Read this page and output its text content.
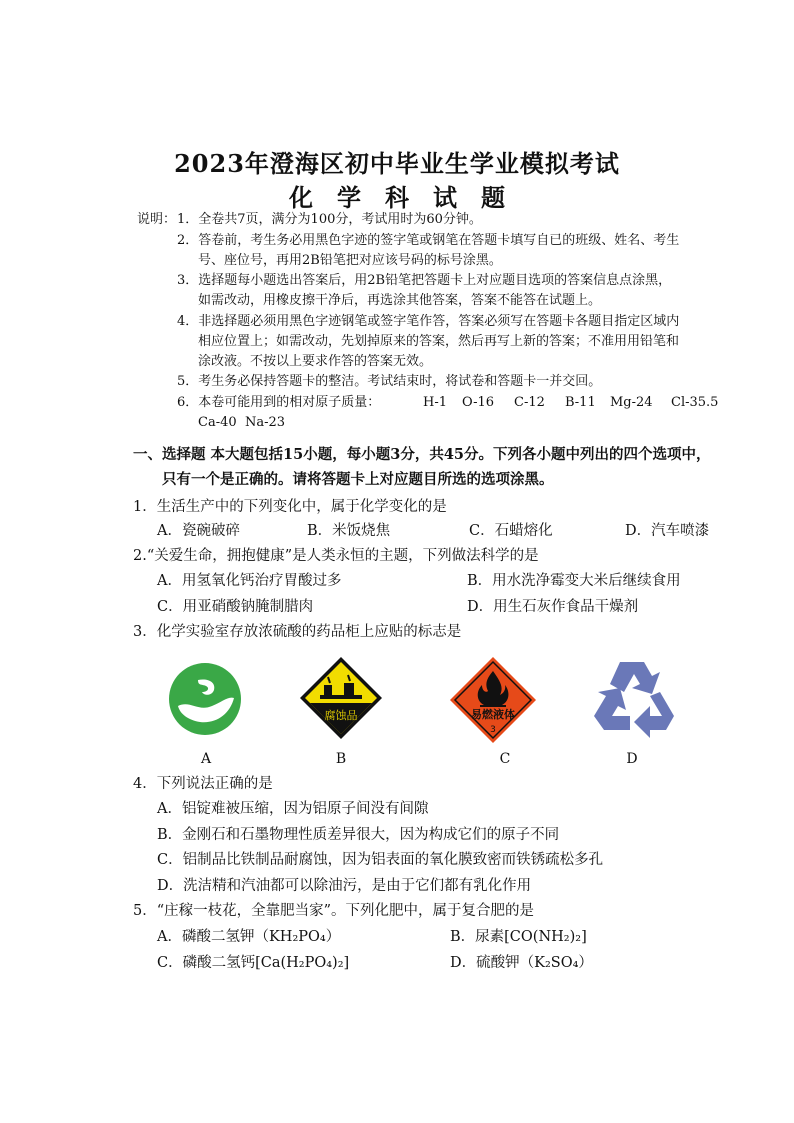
2023年澄海区初中毕业生学业模拟考试
化学科试题
说明： 1．全卷共7页，满分为100分，考试用时为60分钟。
2．答卷前，考生务必用黑色字迹的签字笔或钢笔在答题卡填写自已的班级、姓名、考生
号、座位号，再用2B铅笔把对应该号码的标号涂黑。
3．选择题每小题选出答案后，用2B铅笔把答题卡上对应题目选项的答案信息点涂黑，
如需改动，用橡皮擦干净后，再选涂其他答案，答案不能答在试题上。
4．非选择题必须用黑色字迹钢笔或签字笔作答，答案必须写在答题卡各题目指定区域内
相应位置上；如需改动，先划掉原来的答案，然后再写上新的答案；不准用用铅笔和
涂改液。不按以上要求作答的答案无效。
5．考生务必保持答题卡的整洁。考试结束时，将试卷和答题卡一并交回。
6．本卷可能用到的相对原子质量：	H-1 O-16 C-12 B-11 Mg-24 Cl-35.5
Ca-40 Na-23
一、选择题 本大题包括15小题，每小题3分，共45分。下列各小题中列出的四个选项中，
只有一个是正确的。请将答题卡上对应题目所选的选项涂黑。
1．生活生产中的下列变化中，属于化学变化的是
A．瓷碗破碎	B．米饭烧焦	C．石蜡熔化	D．汽车喷漆
2.“关爱生命，拥抱健康”是人类永恒的主题，下列做法科学的是
A．用氢氧化钙治疗胃酸过多	B．用水洗净霉变大米后继续食用
C．用亚硝酸钠腌制腊肉	D．用生石灰作食品干燥剂
3．化学实验室存放浓硫酸的药品柜上应贴的标志是
腐蚀品	易燃液体
3
A	B	C	D
4．下列说法正确的是
A．铝锭难被压缩，因为铝原子间没有间隙
B．金刚石和石墨物理性质差异很大，因为构成它们的原子不同
C．铝制品比铁制品耐腐蚀，因为铝表面的氧化膜致密而铁锈疏松多孔
D．洗洁精和汽油都可以除油污，是由于它们都有乳化作用
5．“庄稼一枝花，全靠肥当家”。下列化肥中，属于复合肥的是
A．磷酸二氢钾（KH₂PO₄）	B．尿素[CO(NH₂)₂]
C．磷酸二氢钙[Ca(H₂PO₄)₂]	D．硫酸钾（K₂SO₄）
